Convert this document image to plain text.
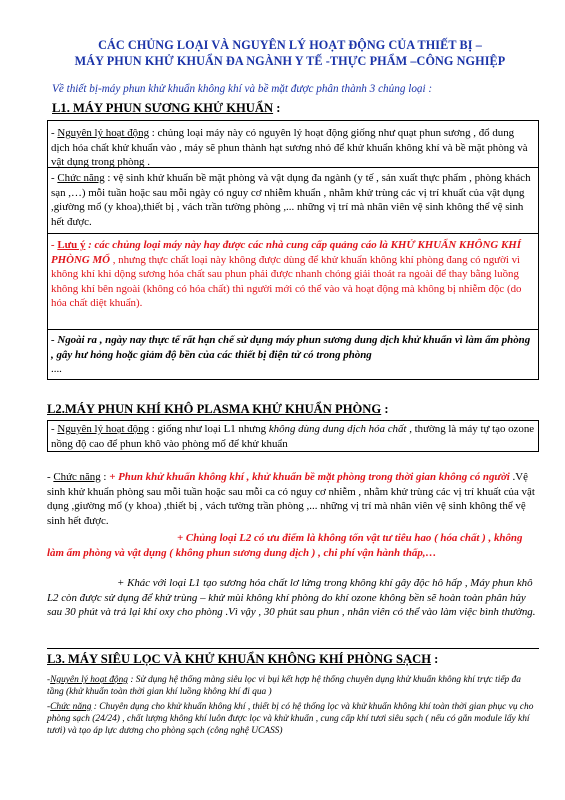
CÁC CHỦNG LOẠI VÀ NGUYÊN LÝ HOẠT ĐỘNG CỦA THIẾT BỊ –
MÁY PHUN KHỬ KHUẨN ĐA NGÀNH Y TẾ -THỰC PHẨM –CÔNG NGHIỆP
Về thiết bị-máy phun khử khuẩn không khí và bề mặt được phân thành 3 chủng loại :
L1. MÁY PHUN SƯƠNG KHỬ KHUẨN :

- Nguyên lý hoạt động : chủng loại máy này có nguyên lý hoạt động giống như quạt phun sương , đổ dung dịch hóa chất khử khuẩn vào , máy sẽ phun thành hạt sương nhỏ để khử khuẩn không khí và bề mặt phòng và vật dụng trong phòng .

- Chức năng : vệ sinh khử khuẩn bề mặt phòng và vật dụng đa ngành (y tế , sản xuất thực phẩm , phòng khách sạn ,…) mỗi tuần hoặc sau mỗi ngày có nguy cơ nhiễm khuẩn , nhằm khử trùng các vị trí khuất của vật dụng ,giường mổ (y khoa),thiết bị , vách trần tường phòng ,... những vị trí mà nhân viên vệ sinh không thể vệ sinh hết được.

- Lưu ý : các chủng loại máy này hay được các nhà cung cấp quảng cáo là KHỬ KHUẨN KHÔNG KHÍ PHÒNG MỔ , nhưng thực chất loại này không được dùng để khử khuẩn không khí phòng đang có người vì không khí khi dộng sương hóa chất sau phun phải được nhanh chóng giải thoát ra ngoài để thay bằng luồng không khí bên ngoài (không có hóa chất) thì người mới có thể vào và hoạt động mà không bị nhiễm độc (do hóa chất diệt khuẩn).

- Ngoài ra , ngày nay thực tế rất hạn chế sử dụng máy phun sương dung dịch khử khuẩn vì làm ẩm phòng , gây hư hỏng hoặc giảm độ bền của các thiết bị điện tử có trong phòng

....

L2.MÁY PHUN KHÍ KHÔ PLASMA KHỬ KHUẨN PHÒNG :

- Nguyên lý hoạt động : giống như loại L1 nhưng không dùng dung dịch hóa chất , thường là máy tự tạo ozone nồng độ cao để phun khô vào phòng mổ để khử khuẩn

- Chức năng : + Phun khử khuẩn không khí , khử khuẩn bề mặt phòng trong thời gian không có người .Vệ sinh khử khuẩn phòng sau mỗi tuần hoặc sau mỗi ca có nguy cơ nhiễm , nhằm khử trùng các vị trí khuất của vật dụng ,giường mổ (y khoa) ,thiết bị , vách tường trần phòng ,... những vị trí mà nhân viên vệ sinh không thể vệ sinh hết được.

+ Chủng loại L2 có ưu điểm là không tốn vật tư tiêu hao ( hóa chất ) , không làm ẩm phòng và vật dụng ( không phun sương dung dịch ) , chi phí vận hành thấp,…

+ Khác với loại L1 tạo sương hóa chất lơ lửng trong không khí gây độc hô hấp , Máy phun khô L2 còn được sử dụng để khử trùng – khử mùi không khí phòng do khí ozone không bền sẽ hoàn toàn phân hủy sau 30 phút và trả lại khí oxy cho phòng .Vì vậy , 30 phút sau phun , nhân viên có thể vào làm việc bình thường.

L3. MÁY SIÊU LỌC VÀ KHỬ KHUẨN KHÔNG KHÍ PHÒNG SẠCH :

-Nguyên lý hoạt động : Sử dụng hệ thống màng siêu lọc vi bụi kết hợp hệ thống chuyên dụng khử khuẩn không khí trực tiếp đa tầng (khử khuẩn toàn thời gian khí luồng không khí đi qua )

-Chức năng : Chuyên dụng cho khử khuẩn không khí , thiết bị có hệ thống lọc và khử khuẩn không khí toàn thời gian phục vụ cho phòng sạch (24/24) , chất lượng không khí luôn được lọc và khử khuẩn , cung cấp khí tươi siêu sạch ( nếu có gắn module lấy khí tươi) và tạo áp lực dương cho phòng sạch (công nghệ UCASS)
